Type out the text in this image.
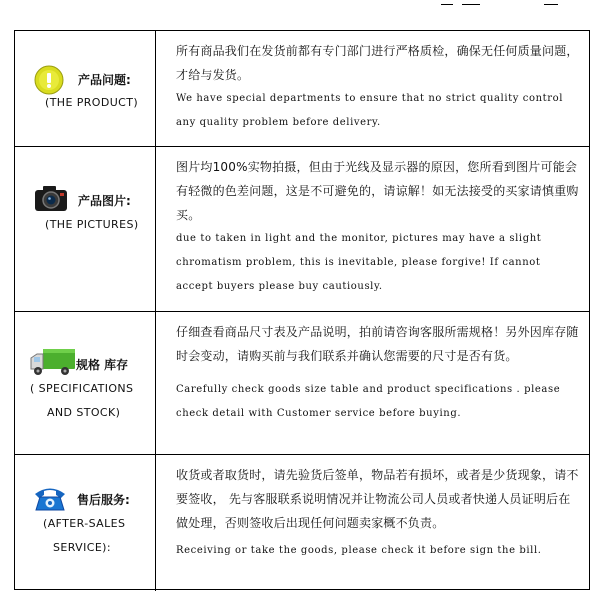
产品问题:
(THE PRODUCT)

所有商品我们在发货前都有专门部门进行严格质检，确保无任何质量问题，才给与发货。

We have special departments to ensure that no strict quality control any quality problem before delivery.

产品图片:
(THE PICTURES)

图片均100%实物拍摄，但由于光线及显示器的原因，您所看到图片可能会有轻微的色差问题，这是不可避免的，请谅解！如无法接受的买家请慎重购买。

due to taken in light and the monitor, pictures may have a slight chromatism problem, this is inevitable, please forgive! If cannot accept buyers please buy cautiously.

规格 库存
( SPECIFICATIONS
AND STOCK)

仔细查看商品尺寸表及产品说明，拍前请咨询客服所需规格！另外因库存随时会变动，请购买前与我们联系并确认您需要的尺寸是否有货。

Carefully check goods size table and product specifications . please check detail with Customer service before buying.

售后服务:
(AFTER-SALES
SERVICE):

收货或者取货时，请先验货后签单，物品若有损坏，或者是少货现象，请不要签收， 先与客服联系说明情况并让物流公司人员或者快递人员证明后在做处理，否则签收后出现任何问题卖家概不负责。

Receiving or take the goods, please check it before sign the bill.
